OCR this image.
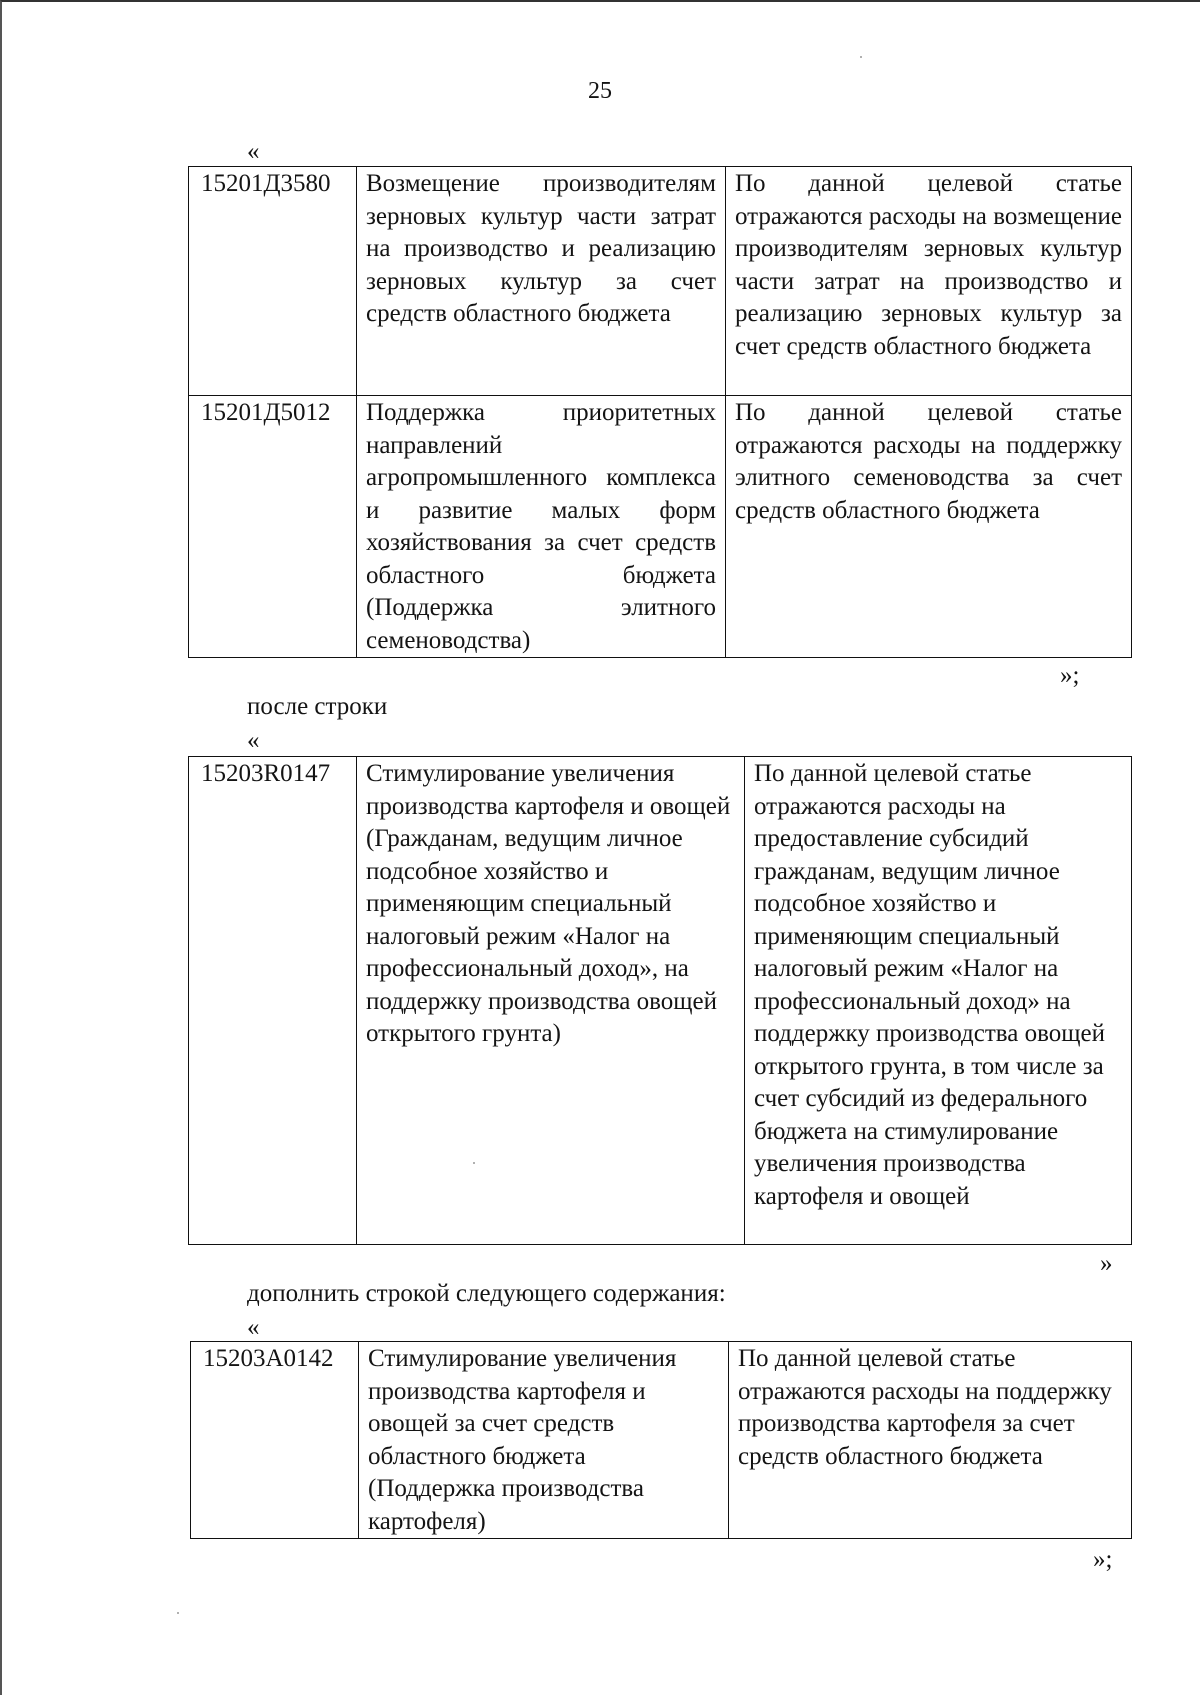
25
«
15201Д3580	Возмещение производителям зерновых культур части затрат на производство и реализацию зерновых культур за счет средств областного бюджета	По данной целевой статье отражаются расходы на возмещение производителям зерновых культур части затрат на производство и реализацию зерновых культур за счет средств областного бюджета
15201Д5012	Поддержка приоритетных направлений агропромышленного комплекса и развитие малых форм хозяйствования за счет средств областного бюджета (Поддержка элитного семеноводства)	По данной целевой статье отражаются расходы на поддержку элитного семеноводства за счет средств областного бюджета
»;
после строки
«
15203R0147	Стимулирование увеличения производства картофеля и овощей (Гражданам, ведущим личное подсобное хозяйство и применяющим специальный налоговый режим «Налог на профессиональный доход», на поддержку производства овощей открытого грунта)	По данной целевой статье отражаются расходы на предоставление субсидий гражданам, ведущим личное подсобное хозяйство и применяющим специальный налоговый режим «Налог на профессиональный доход» на поддержку производства овощей открытого грунта, в том числе за счет субсидий из федерального бюджета на стимулирование увеличения производства картофеля и овощей
»
дополнить строкой следующего содержания:
«
15203А0142	Стимулирование увеличения производства картофеля и овощей за счет средств областного бюджета (Поддержка производства картофеля)	По данной целевой статье отражаются расходы на поддержку производства картофеля за счет средств областного бюджета
»;
